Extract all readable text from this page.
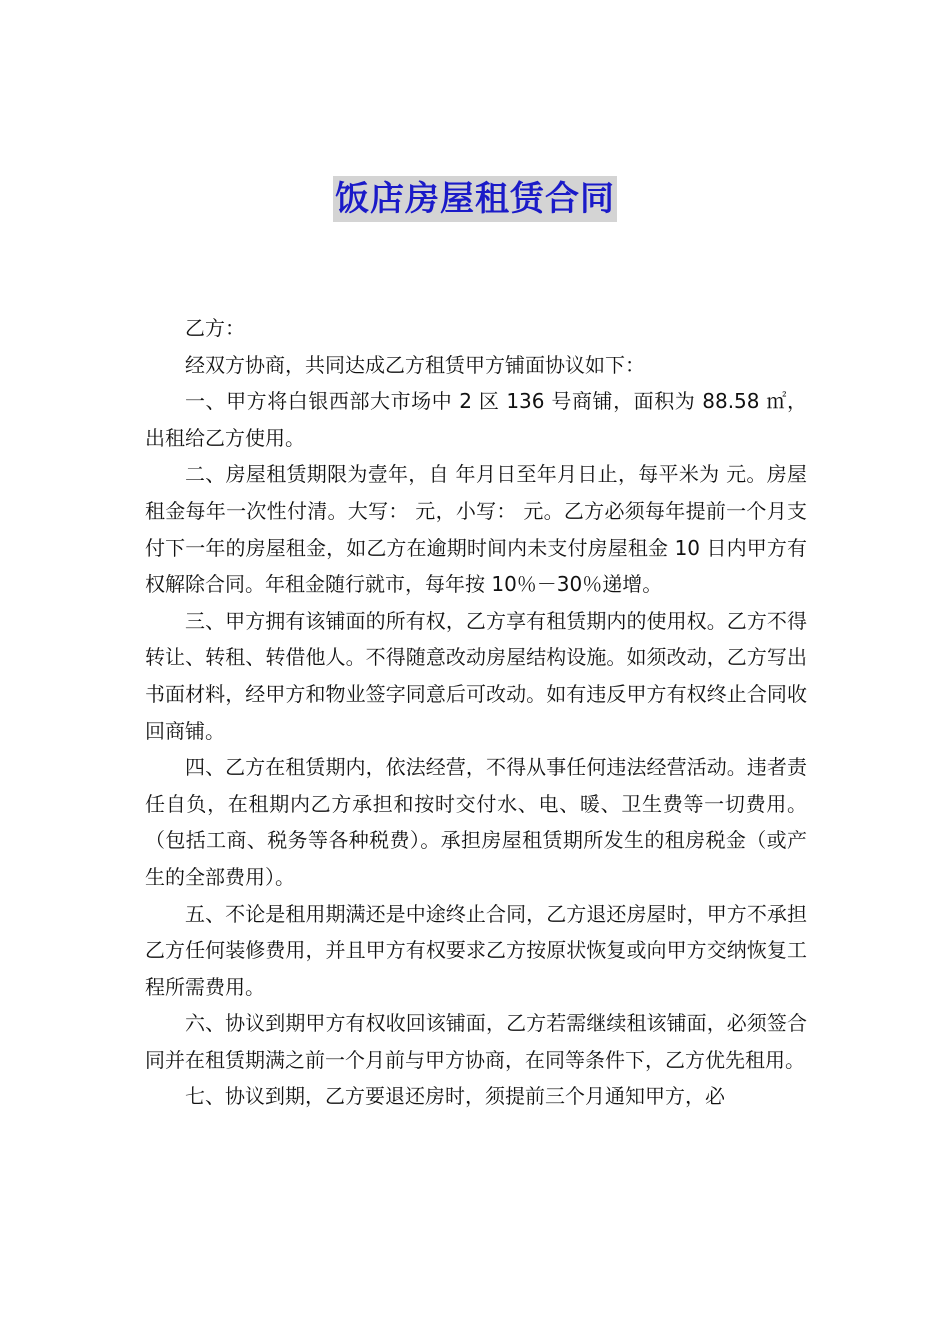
饭店房屋租赁合同

乙方：

经双方协商，共同达成乙方租赁甲方铺面协议如下：

一、甲方将白银西部大市场中 2 区 136 号商铺，面积为 88.58 ㎡，出租给乙方使用。

二、房屋租赁期限为壹年，自 年月日至年月日止，每平米为 元。房屋租金每年一次性付清。大写： 元，小写： 元。乙方必须每年提前一个月支付下一年的房屋租金，如乙方在逾期时间内未支付房屋租金 10 日内甲方有权解除合同。年租金随行就市，每年按 10％－30％递增。

三、甲方拥有该铺面的所有权，乙方享有租赁期内的使用权。乙方不得转让、转租、转借他人。不得随意改动房屋结构设施。如须改动，乙方写出书面材料，经甲方和物业签字同意后可改动。如有违反甲方有权终止合同收回商铺。

四、乙方在租赁期内，依法经营，不得从事任何违法经营活动。违者责任自负，在租期内乙方承担和按时交付水、电、暖、卫生费等一切费用。（包括工商、税务等各种税费）。承担房屋租赁期所发生的租房税金（或产生的全部费用）。

五、不论是租用期满还是中途终止合同，乙方退还房屋时，甲方不承担乙方任何装修费用，并且甲方有权要求乙方按原状恢复或向甲方交纳恢复工程所需费用。

六、协议到期甲方有权收回该铺面，乙方若需继续租该铺面，必须签合同并在租赁期满之前一个月前与甲方协商，在同等条件下，乙方优先租用。

七、协议到期，乙方要退还房时，须提前三个月通知甲方，必
